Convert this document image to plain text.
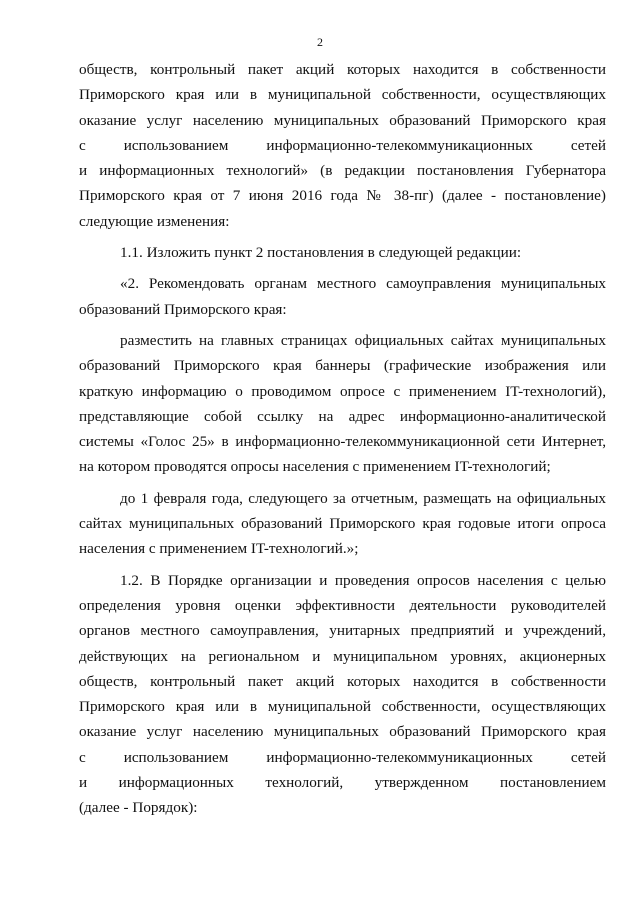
2

обществ, контрольный пакет акций которых находится в собственности
Приморского края или в муниципальной собственности, осуществляющих
оказание услуг населению муниципальных образований Приморского края
с использованием информационно-телекоммуникационных сетей
и информационных технологий» (в редакции постановления Губернатора
Приморского края от 7 июня 2016 года № 38-пг) (далее - постановление)
следующие изменения:

1.1. Изложить пункт 2 постановления в следующей редакции:

«2. Рекомендовать органам местного самоуправления муниципальных
образований Приморского края:

разместить на главных страницах официальных сайтах муниципальных
образований Приморского края баннеры (графические изображения или
краткую информацию о проводимом опросе с применением IT-технологий),
представляющие собой ссылку на адрес информационно-аналитической
системы «Голос 25» в информационно-телекоммуникационной сети Интернет,
на котором проводятся опросы населения с применением IT-технологий;

до 1 февраля года, следующего за отчетным, размещать на официальных
сайтах муниципальных образований Приморского края годовые итоги опроса
населения с применением IT-технологий.»;

1.2. В Порядке организации и проведения опросов населения с целью
определения уровня оценки эффективности деятельности руководителей
органов местного самоуправления, унитарных предприятий и учреждений,
действующих на региональном и муниципальном уровнях, акционерных
обществ, контрольный пакет акций которых находится в собственности
Приморского края или в муниципальной собственности, осуществляющих
оказание услуг населению муниципальных образований Приморского края
с использованием информационно-телекоммуникационных сетей
и информационных технологий, утвержденном постановлением
(далее - Порядок):
